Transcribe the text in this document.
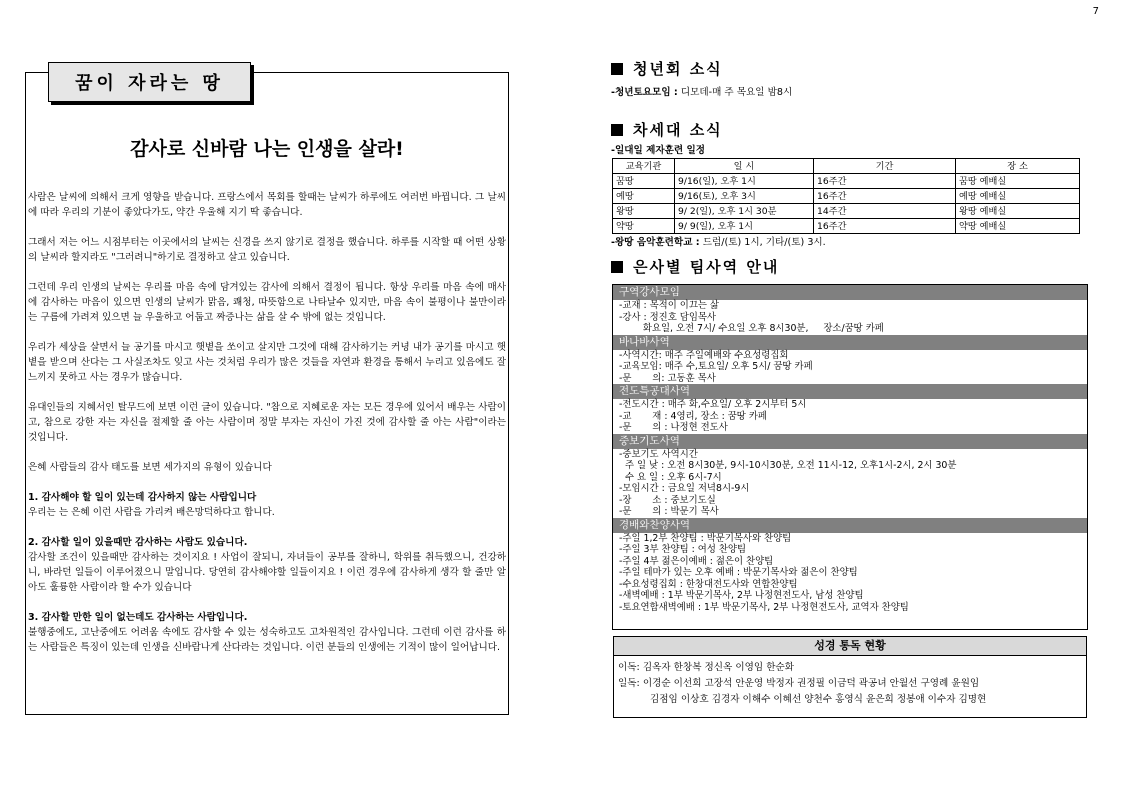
7
꿈이 자라는 땅
감사로 신바람 나는 인생을 살라!

사람은 날씨에 의해서 크게 영향을 받습니다. 프랑스에서 목회를 할때는 날씨가 하루에도 여러번 바뀝니다. 그 날씨에 따라 우리의 기분이 좋았다가도, 약간 우울해 지기 딱 좋습니다.

그래서 저는 어느 시점부터는 이곳에서의 날씨는 신경을 쓰지 않기로 결정을 했습니다. 하루를 시작할 때 어떤 상황의 날씨라 할지라도 "그러려니"하기로 결정하고 살고 있습니다.

그런데 우리 인생의 날씨는 우리를 마음 속에 담겨있는 감사에 의해서 결정이 됩니다. 항상 우리를 마음 속에 매사에 감사하는 마음이 있으면 인생의 날씨가 맑음, 쾌청, 따뜻함으로 나타날수 있지만, 마음 속이 불평이나 불만이라는 구름에 가려져 있으면 늘 우울하고 어둡고 짜증나는 삶을 살 수 밖에 없는 것입니다.

우리가 세상을 살면서 늘 공기를 마시고 햇볕을 쏘이고 살지만 그것에 대해 감사하기는 커녕 내가 공기를 마시고 햇볕을 받으며 산다는 그 사실조차도 잊고 사는 것처럼 우리가 많은 것들을 자연과 환경을 통해서 누리고 있음에도 잘 느끼지 못하고 사는 경우가 많습니다.

유대인들의 지혜서인 탈무드에 보면 이런 글이 있습니다. "참으로 지혜로운 자는 모든 경우에 있어서 배우는 사람이고, 참으로 강한 자는 자신을 절제할 줄 아는 사람이며 정말 부자는 자신이 가진 것에 감사할 줄 아는 사람"이라는 것입니다.

은혜 사람들의 감사 태도를 보면 세가지의 유형이 있습니다

1. 감사해야 할 일이 있는데 감사하지 않는 사람입니다

우리는 는 은혜 이런 사람을 가리켜 배은망덕하다고 합니다.

2. 감사할 일이 있을때만 감사하는 사람도 있습니다.

감사할 조건이 있을때만 감사하는 것이지요 ! 사업이 잘되니, 자녀들이 공부를 잘하니, 학위를 취득했으니, 건강하니, 바라던 일들이 이루어졌으니 말입니다. 당연히 감사해야할 일들이지요 ! 이런 경우에 감사하게 생각 할 줄만 알아도 훌륭한 사람이라 할 수가 있습니다

3. 감사할 만한 일이 없는데도 감사하는 사람입니다.

불행중에도, 고난중에도 어려움 속에도 감사할 수 있는 성숙하고도 고차원적인 감사입니다. 그런데 이런 감사를 하는 사람들은 특징이 있는데 인생을 신바람나게 산다라는 것입니다. 이런 분들의 인생에는 기적이 많이 일어납니다.

청년회 소식
-청년토요모임 : 디모데-매 주 목요일 밤8시
차세대 소식
-일대일 제자훈련 일정
교육기관	일 시	기간	장 소
꿈땅	9/16(일), 오후 1시	16주간	꿈땅 예배실
예땅	9/16(토), 오후 3시	16주간	예땅 예배실
왕땅	9/ 2(일), 오후 1시 30분	14주간	왕땅 예배실
약땅	9/ 9(일), 오후 1시	16주간	약땅 예배실
-왕땅 음악훈련학교 : 드럼/(토) 1시, 기타/(토) 3시.
은사별 팀사역 안내
구역강사모임
-교재 : 목적이 이끄는 삶
-강사 : 정진호 담임목사
화요일, 오전 7시/ 수요일 오후 8시30분,     장소/꿈땅 카페
바나바사역
-사역시간: 매주 주일예배와 수요성령집회
-교육모임: 매주 수,토요일/ 오후 5시/ 꿈땅 카페
-문       의: 고동훈 목사
전도특공대사역
-전도시간 : 매주 화,수요일/ 오후 2시부터 5시
-교       재 : 4영리, 장소 : 꿈땅 카페
-문       의 : 나정현 전도사
중보기도사역
-중보기도 사역시간
주 일 낮 : 오전 8시30분, 9시-10시30분, 오전 11시-12, 오후1시-2시, 2시 30분
수 요 일 : 오후 6시-7시
-모임시간 : 금요일 저녁8시-9시
-장       소 : 중보기도실
-문       의 : 박문기 목사
경배와찬양사역
-주일 1,2부 찬양팀 : 박문기목사와 찬양팀
-주일 3부 찬양팀 : 여성 찬양팀
-주일 4부 젊은이예배 : 젊은이 찬양팀
-주일 테마가 있는 오후 예배 : 박문기목사와 젊은이 찬양팀
-수요성령집회 : 한창대전도사와 연합찬양팀
-새벽예배 : 1부 박문기목사, 2부 나정현전도사, 남성 찬양팀
-토요연합새벽예배 : 1부 박문기목사, 2부 나정현전도사, 교역자 찬양팀
성경 통독 현황
이독: 김옥자 한창복 정신옥 이영임 한순화
일독: 이경순 이선희 고장석 안운영 박정자 권정필 이금덕 곽공녀 안월선 구영례 윤원임
김점임 이상호 김경자 이해수 이혜선 양천수 홍영식 윤은희 정봉애 이수자 김명현
